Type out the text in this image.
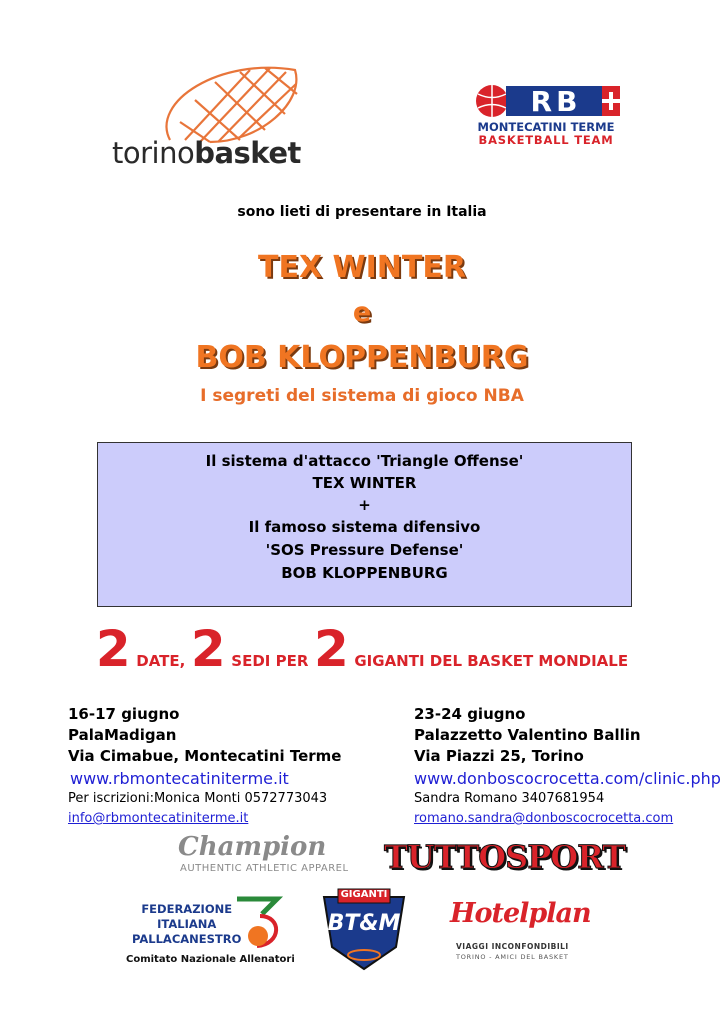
torinobasket
RB
MONTECATINI TERME
BASKETBALL TEAM
sono lieti di presentare in Italia
TEX WINTER
e
BOB KLOPPENBURG
I segreti del sistema di gioco NBA
Il sistema d'attacco 'Triangle Offense'
TEX WINTER
+
Il famoso sistema difensivo
'SOS Pressure Defense'
BOB KLOPPENBURG
2 DATE, 2 SEDI PER 2 GIGANTI DEL BASKET MONDIALE
16-17 giugno
PalaMadigan
Via Cimabue, Montecatini Terme
www.rbmontecatiniterme.it
Per iscrizioni:Monica Monti 0572773043
info@rbmontecatiniterme.it
23-24 giugno
Palazzetto Valentino Ballin
Via Piazzi 25, Torino
www.donboscocrocetta.com/clinic.php
Sandra Romano 3407681954
romano.sandra@donboscocrocetta.com
Champion
AUTHENTIC ATHLETIC APPAREL TUTTOSPORT
FEDERAZIONE
ITALIANA
PALLACANESTRO
Comitato Nazionale Allenatori
GIGANTI
BT&M	Hotelplan
VIAGGI INCONFONDIBILI
TORINO - AMICI DEL BASKET
